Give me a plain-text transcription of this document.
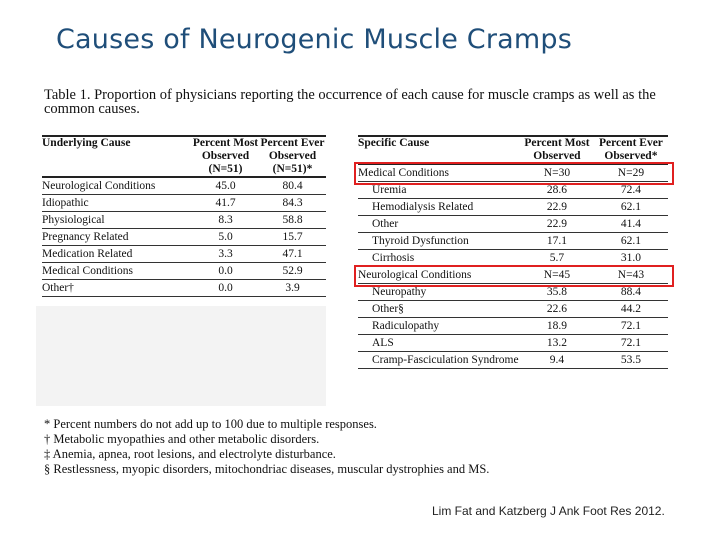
Causes of Neurogenic Muscle Cramps
Table 1. Proportion of physicians reporting the occurrence of each cause for muscle cramps as well as the common causes.
Underlying Cause	Percent Most Observed (N=51)	Percent Ever Observed (N=51)*
Neurological Conditions	45.0	80.4
Idiopathic	41.7	84.3
Physiological	8.3	58.8
Pregnancy Related	5.0	15.7
Medication Related	3.3	47.1
Medical Conditions	0.0	52.9
Other†	0.0	3.9
Specific Cause	Percent Most Observed	Percent Ever Observed*
Medical Conditions	N=30	N=29
Uremia	28.6	72.4
Hemodialysis Related	22.9	62.1
Other	22.9	41.4
Thyroid Dysfunction	17.1	62.1
Cirrhosis	5.7	31.0
Neurological Conditions	N=45	N=43
Neuropathy	35.8	88.4
Other§	22.6	44.2
Radiculopathy	18.9	72.1
ALS	13.2	72.1
Cramp-Fasciculation Syndrome	9.4	53.5
* Percent numbers do not add up to 100 due to multiple responses.
† Metabolic myopathies and other metabolic disorders.
‡ Anemia, apnea, root lesions, and electrolyte disturbance.
§ Restlessness, myopic disorders, mitochondriac diseases, muscular dystrophies and MS.
Lim Fat and Katzberg J Ank Foot Res 2012.
